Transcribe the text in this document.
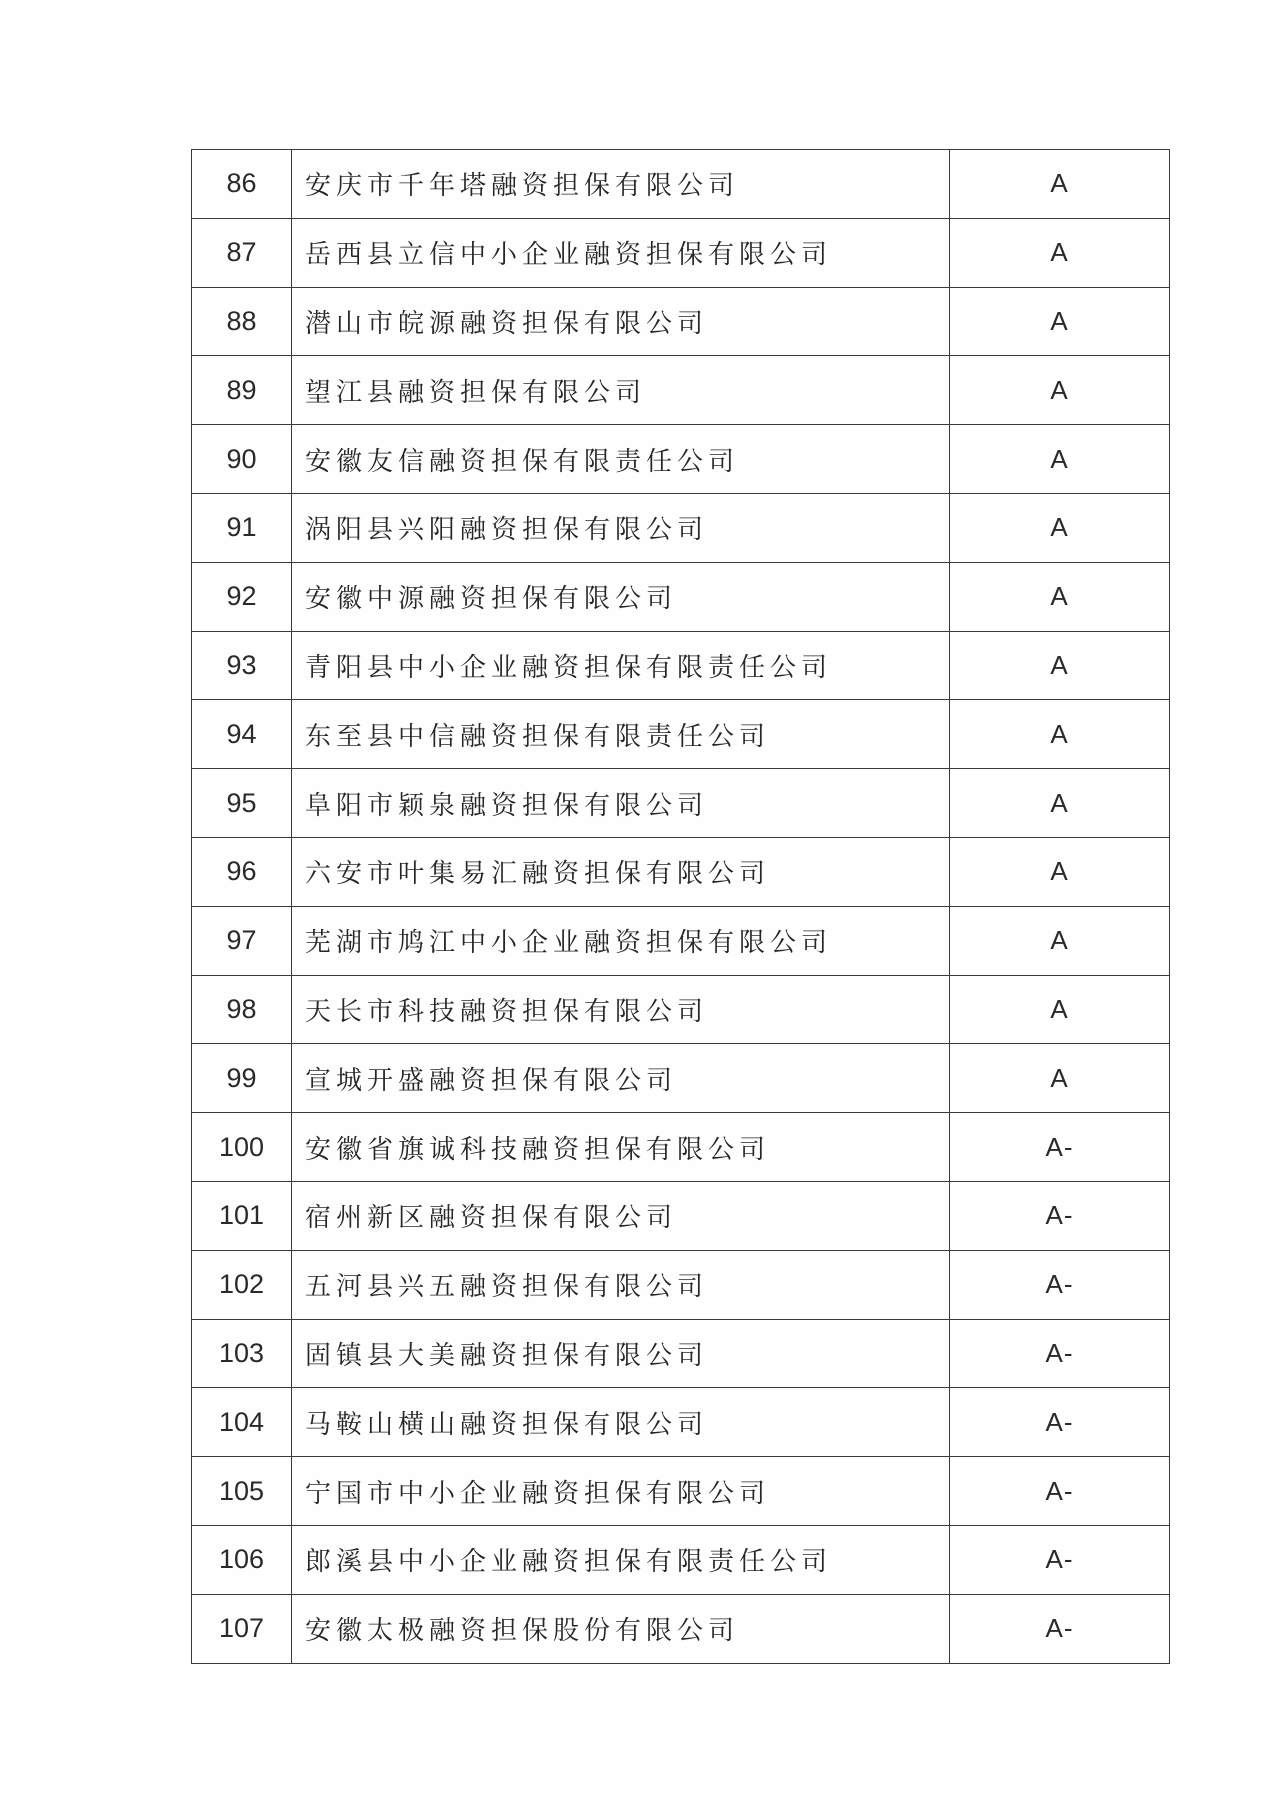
86	安庆市千年塔融资担保有限公司	A
87	岳西县立信中小企业融资担保有限公司	A
88	潜山市皖源融资担保有限公司	A
89	望江县融资担保有限公司	A
90	安徽友信融资担保有限责任公司	A
91	涡阳县兴阳融资担保有限公司	A
92	安徽中源融资担保有限公司	A
93	青阳县中小企业融资担保有限责任公司	A
94	东至县中信融资担保有限责任公司	A
95	阜阳市颖泉融资担保有限公司	A
96	六安市叶集易汇融资担保有限公司	A
97	芜湖市鸠江中小企业融资担保有限公司	A
98	天长市科技融资担保有限公司	A
99	宣城开盛融资担保有限公司	A
100	安徽省旗诚科技融资担保有限公司	A-
101	宿州新区融资担保有限公司	A-
102	五河县兴五融资担保有限公司	A-
103	固镇县大美融资担保有限公司	A-
104	马鞍山横山融资担保有限公司	A-
105	宁国市中小企业融资担保有限公司	A-
106	郎溪县中小企业融资担保有限责任公司	A-
107	安徽太极融资担保股份有限公司	A-
